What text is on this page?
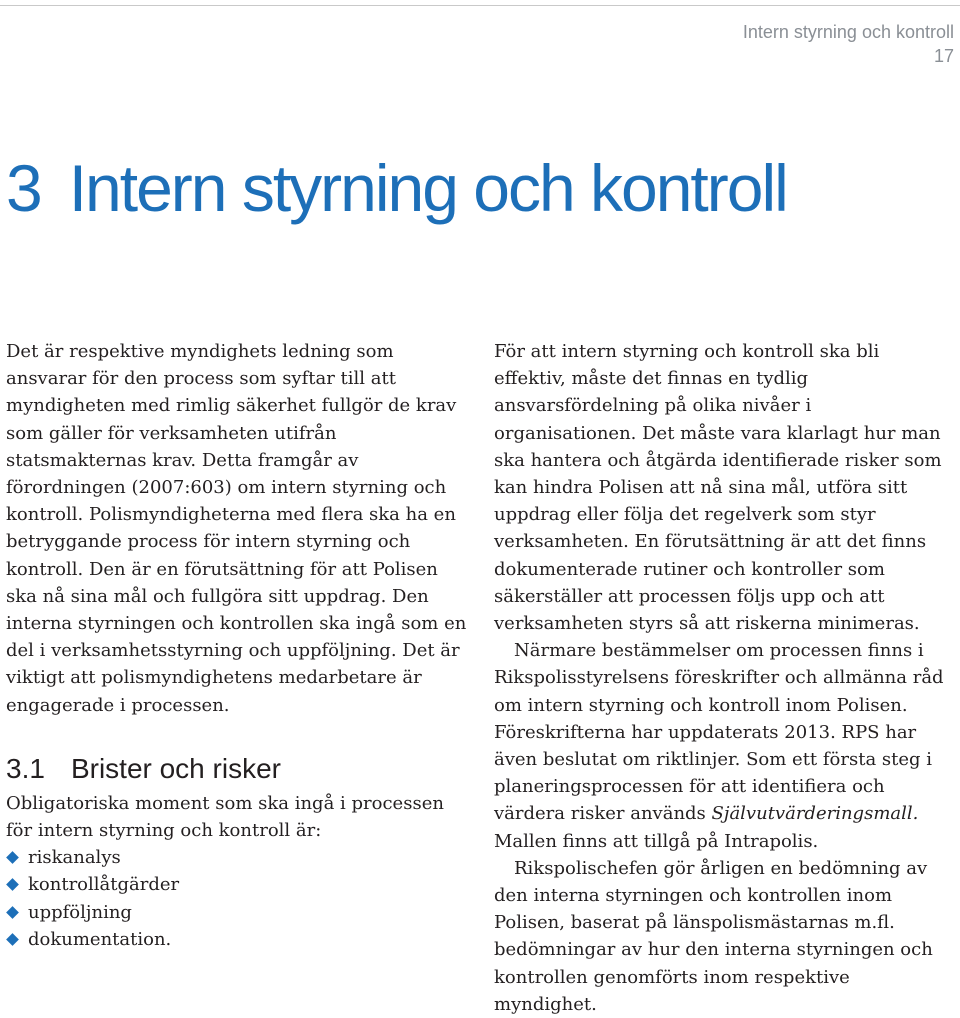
Intern styrning och kontroll
17
3 Intern styrning och kontroll

Det är respektive myndighets ledning som ansvarar för den process som syftar till att myndigheten med rimlig säkerhet fullgör de krav som gäller för verksamheten utifrån statsmakternas krav. Detta framgår av förordningen (2007:603) om intern styrning och kontroll. Polismyndigheterna med flera ska ha en betryggande process för intern styrning och kontroll. Den är en förutsättning för att Polisen ska nå sina mål och fullgöra sitt uppdrag. Den interna styrningen och kontrollen ska ingå som en del i verksamhetsstyrning och uppföljning. Det är viktigt att polismyndighetens medarbetare är engagerade i processen.

3.1 Brister och risker

Obligatoriska moment som ska ingå i processen för intern styrning och kontroll är:

riskanalys
kontrollåtgärder
uppföljning
dokumentation.

För att intern styrning och kontroll ska bli effektiv, måste det finnas en tydlig ansvarsfördelning på olika nivåer i organisationen. Det måste vara klarlagt hur man ska hantera och åtgärda identifierade risker som kan hindra Polisen att nå sina mål, utföra sitt uppdrag eller följa det regelverk som styr verksamheten. En förutsättning är att det finns dokumenterade rutiner och kontroller som säkerställer att processen följs upp och att verksamheten styrs så att riskerna minimeras.

Närmare bestämmelser om processen finns i Rikspolisstyrelsens föreskrifter och allmänna råd om intern styrning och kontroll inom Polisen. Föreskrifterna har uppdaterats 2013. RPS har även beslutat om riktlinjer. Som ett första steg i planeringsprocessen för att identifiera och värdera risker används Självutvärderingsmall. Mallen finns att tillgå på Intrapolis.

Rikspolischefen gör årligen en bedömning av den interna styrningen och kontrollen inom Polisen, baserat på länspolismästarnas m.fl. bedömningar av hur den interna styrningen och kontrollen genomförts inom respektive myndighet.
